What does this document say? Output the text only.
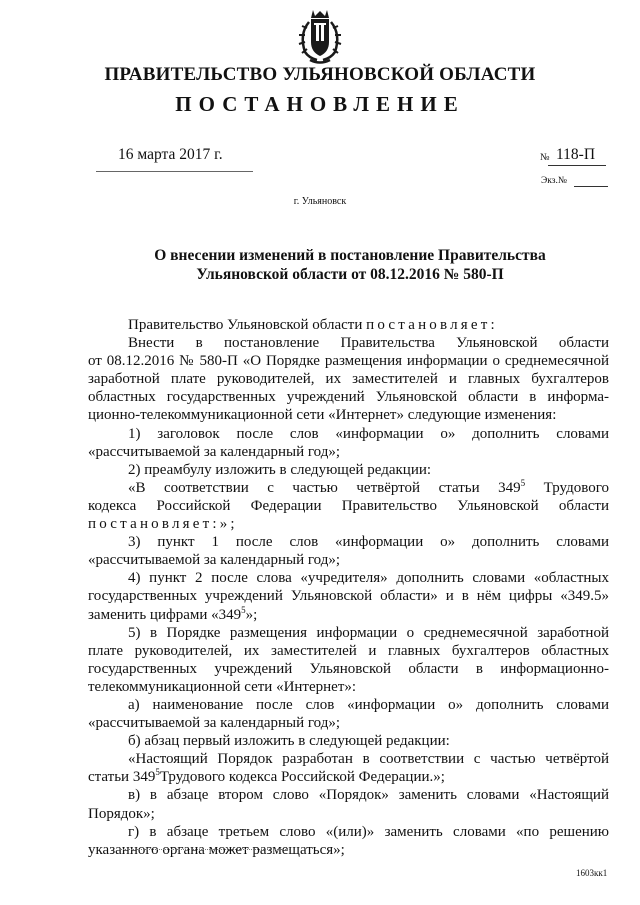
ПРАВИТЕЛЬСТВО УЛЬЯНОВСКОЙ ОБЛАСТИ
ПОСТАНОВЛЕНИЕ
16 марта 2017 г.	№ 118-П
Экз.№
г. Ульяновск
О внесении изменений в постановление Правительства
Ульяновской области от 08.12.2016 № 580-П

Правительство Ульяновской области постановляет:

Внести в постановление Правительства Ульяновской области

от 08.12.2016 № 580-П «О Порядке размещения информации о среднемесячной

заработной плате руководителей, их заместителей и главных бухгалтеров

областных государственных учреждений Ульяновской области в информа-

ционно-телекоммуникационной сети «Интернет» следующие изменения:

1) заголовок после слов «информации о» дополнить словами

«рассчитываемой за календарный год»;

2) преамбулу изложить в следующей редакции:

«В соответствии с частью четвёртой статьи $349^5$ Трудового

кодекса Российской Федерации Правительство Ульяновской области

постановляет:»;

3) пункт 1 после слов «информации о» дополнить словами

«рассчитываемой за календарный год»;

4) пункт 2 после слова «учредителя» дополнить словами «областных

государственных учреждений Ульяновской области» и в нём цифры «349.5»

заменить цифрами «$349^5$»;

5) в Порядке размещения информации о среднемесячной заработной

плате руководителей, их заместителей и главных бухгалтеров областных

государственных учреждений Ульяновской области в информационно-

телекоммуникационной сети «Интернет»:

а) наименование после слов «информации о» дополнить словами

«рассчитываемой за календарный год»;

б) абзац первый изложить в следующей редакции:

«Настоящий Порядок разработан в соответствии с частью четвёртой

статьи $349^5Трудового$ кодекса Российской Федерации.»;

в) в абзаце втором слово «Порядок» заменить словами «Настоящий

Порядок»;

г) в абзаце третьем слово «(или)» заменить словами «по решению

указанного органа может размещаться»;

1603кк1
